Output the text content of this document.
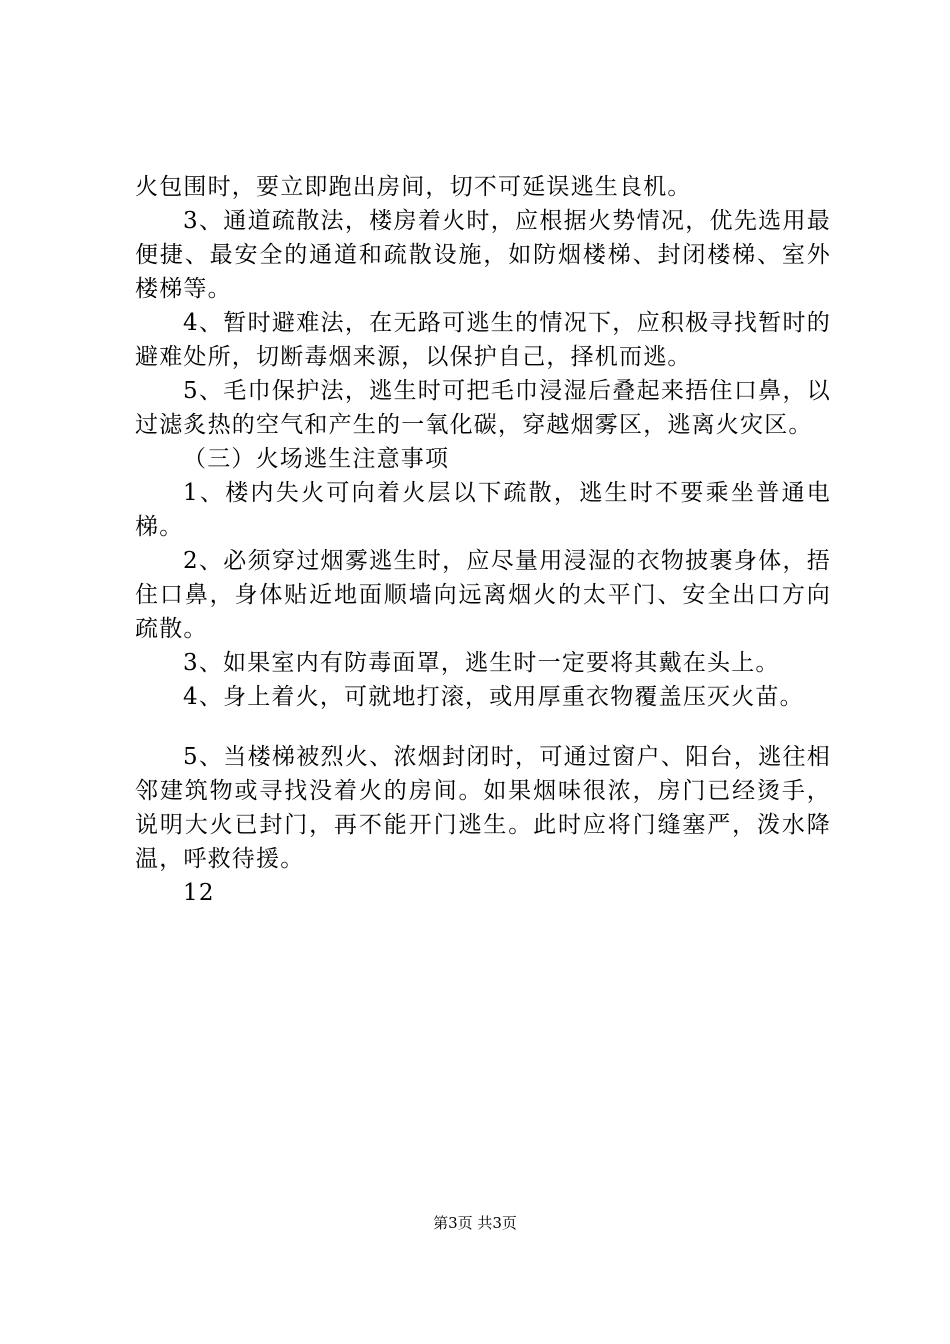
火包围时，要立即跑出房间，切不可延误逃生良机。

3、通道疏散法，楼房着火时，应根据火势情况，优先选用最便捷、最安全的通道和疏散设施，如防烟楼梯、封闭楼梯、室外楼梯等。

4、暂时避难法，在无路可逃生的情况下，应积极寻找暂时的避难处所，切断毒烟来源，以保护自己，择机而逃。

5、毛巾保护法，逃生时可把毛巾浸湿后叠起来捂住口鼻，以过滤炙热的空气和产生的一氧化碳，穿越烟雾区，逃离火灾区。

（三）火场逃生注意事项

1、楼内失火可向着火层以下疏散，逃生时不要乘坐普通电梯。

2、必须穿过烟雾逃生时，应尽量用浸湿的衣物披裹身体，捂住口鼻，身体贴近地面顺墙向远离烟火的太平门、安全出口方向疏散。

3、如果室内有防毒面罩，逃生时一定要将其戴在头上。

4、身上着火，可就地打滚，或用厚重衣物覆盖压灭火苗。

5、当楼梯被烈火、浓烟封闭时，可通过窗户、阳台，逃往相邻建筑物或寻找没着火的房间。如果烟味很浓，房门已经烫手，说明大火已封门，再不能开门逃生。此时应将门缝塞严，泼水降温，呼救待援。

12

第3页 共3页
